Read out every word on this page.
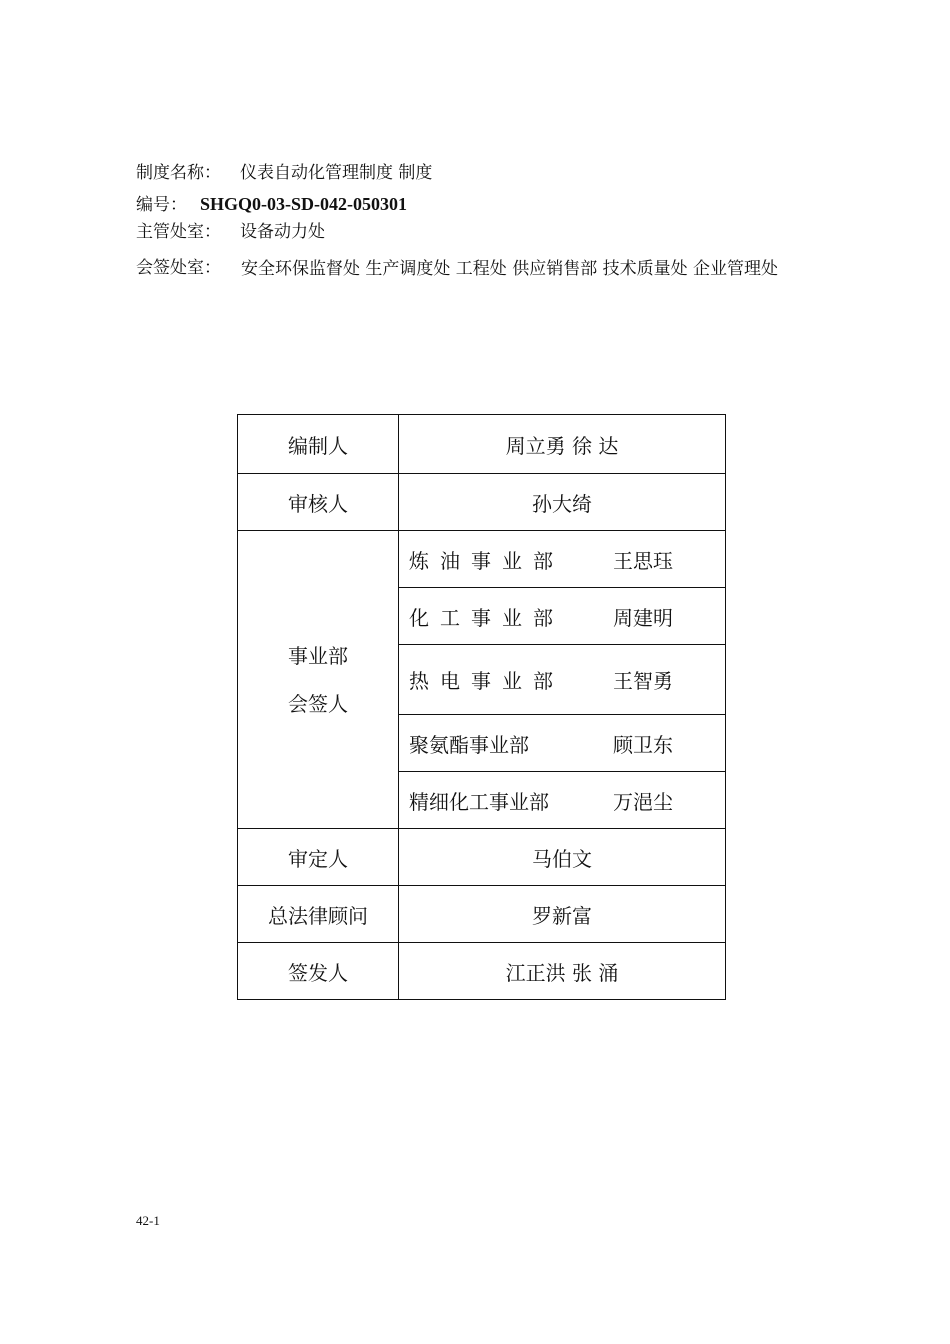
制度名称： 仪表自动化管理制度 制度
编号： SHGQ0-03-SD-042-050301
主管处室： 设备动力处
会签处室： 安全环保监督处 生产调度处 工程处 供应销售部 技术质量处 企业管理处
编制人	周立勇 徐 达
审核人	孙大绮

事业部
会签人	炼油事业部 王思珏
	化工事业部 周建明
	热电事业部 王智勇
	聚氨酯事业部 顾卫东
	精细化工事业部 万浥尘
审定人	马伯文
总法律顾问	罗新富
签发人	江正洪 张 涌
42-1
